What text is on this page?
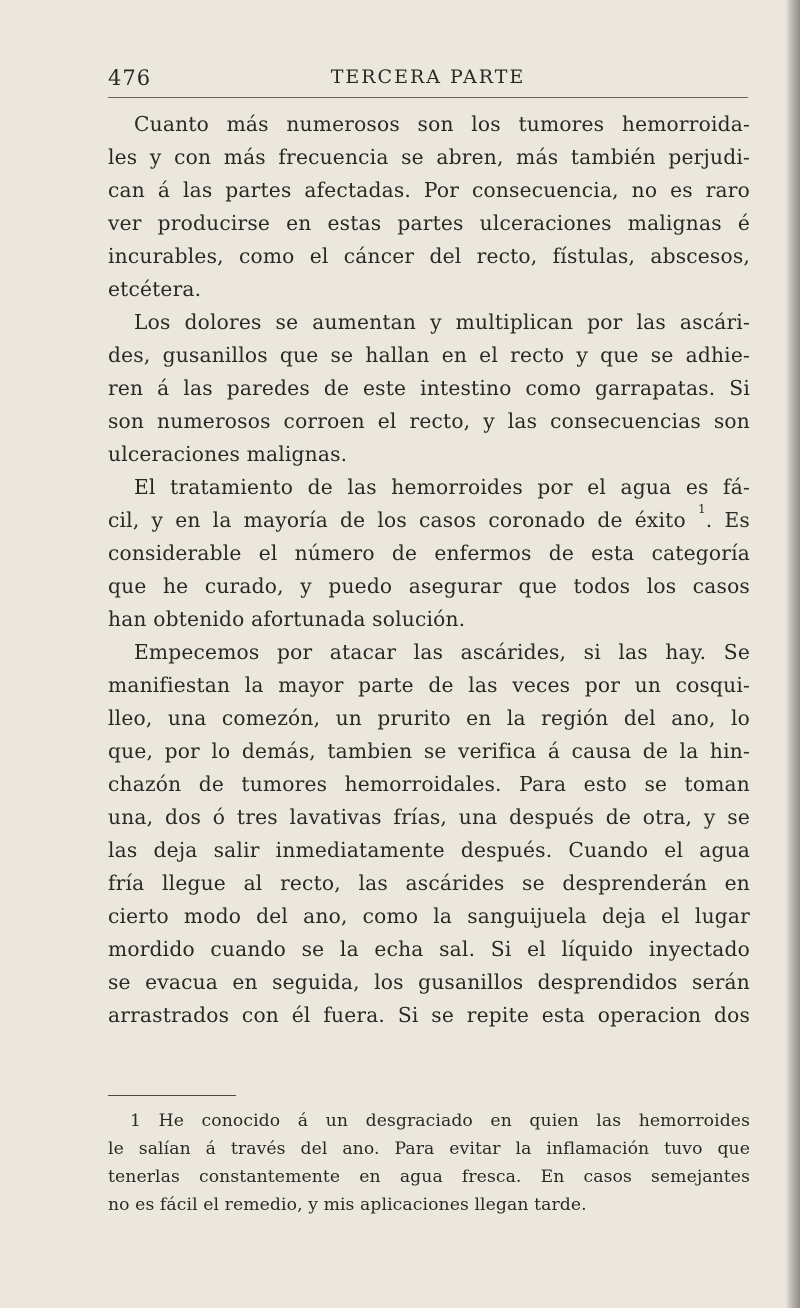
476	TERCERA PARTE
Cuanto más numerosos son los tumores hemorroida-
les y con más frecuencia se abren, más también perjudi-
can á las partes afectadas. Por consecuencia, no es raro
ver producirse en estas partes ulceraciones malignas é
incurables, como el cáncer del recto, fístulas, abscesos,
etcétera.
Los dolores se aumentan y multiplican por las ascári-
des, gusanillos que se hallan en el recto y que se adhie-
ren á las paredes de este intestino como garrapatas. Si
son numerosos corroen el recto, y las consecuencias son
ulceraciones malignas.
El tratamiento de las hemorroides por el agua es fá-
cil, y en la mayoría de los casos coronado de éxito $^1$. Es
considerable el número de enfermos de esta categoría
que he curado, y puedo asegurar que todos los casos
han obtenido afortunada solución.
Empecemos por atacar las ascárides, si las hay. Se
manifiestan la mayor parte de las veces por un cosqui-
lleo, una comezón, un prurito en la región del ano, lo
que, por lo demás, tambien se verifica á causa de la hin-
chazón de tumores hemorroidales. Para esto se toman
una, dos ó tres lavativas frías, una después de otra, y se
las deja salir inmediatamente después. Cuando el agua
fría llegue al recto, las ascárides se desprenderán en
cierto modo del ano, como la sanguijuela deja el lugar
mordido cuando se la echa sal. Si el líquido inyectado
se evacua en seguida, los gusanillos desprendidos serán
arrastrados con él fuera. Si se repite esta operacion dos
1 He conocido á un desgraciado en quien las hemorroides
le salían á través del ano. Para evitar la inflamación tuvo que
tenerlas constantemente en agua fresca. En casos semejantes
no es fácil el remedio, y mis aplicaciones llegan tarde.
